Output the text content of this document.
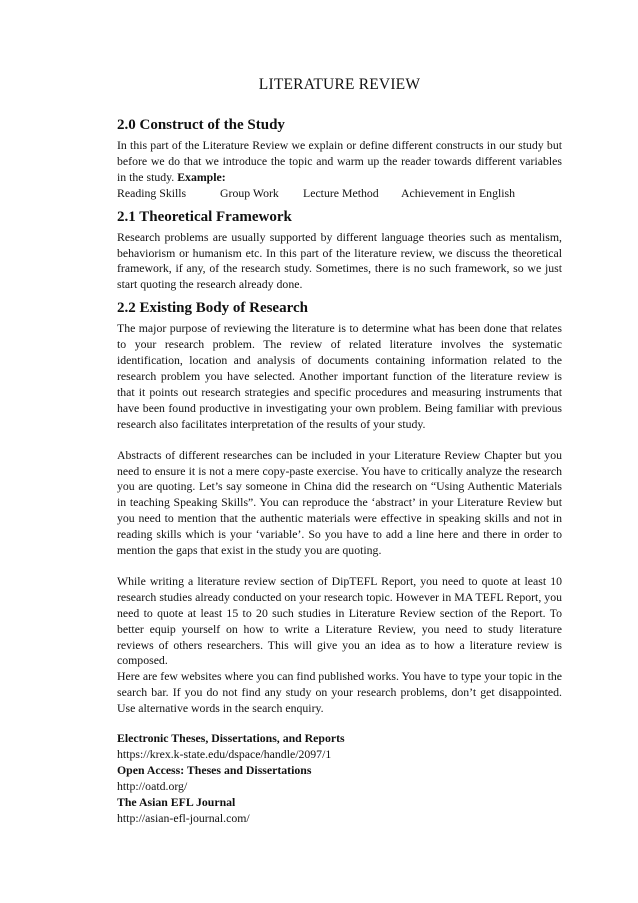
LITERATURE REVIEW
2.0 Construct of the Study

In this part of the Literature Review we explain or define different constructs in our study but before we do that we introduce the topic and warm up the reader towards different variables in the study. Example:

Reading Skills	Group Work	Lecture Method	Achievement in English
2.1 Theoretical Framework

Research problems are usually supported by different language theories such as mentalism, behaviorism or humanism etc. In this part of the literature review, we discuss the theoretical framework, if any, of the research study. Sometimes, there is no such framework, so we just start quoting the research already done.

2.2 Existing Body of Research

The major purpose of reviewing the literature is to determine what has been done that relates to your research problem. The review of related literature involves the systematic identification, location and analysis of documents containing information related to the research problem you have selected. Another important function of the literature review is that it points out research strategies and specific procedures and measuring instruments that have been found productive in investigating your own problem. Being familiar with previous research also facilitates interpretation of the results of your study.

Abstracts of different researches can be included in your Literature Review Chapter but you need to ensure it is not a mere copy-paste exercise. You have to critically analyze the research you are quoting. Let’s say someone in China did the research on “Using Authentic Materials in teaching Speaking Skills”. You can reproduce the ‘abstract’ in your Literature Review but you need to mention that the authentic materials were effective in speaking skills and not in reading skills which is your ‘variable’. So you have to add a line here and there in order to mention the gaps that exist in the study you are quoting.

While writing a literature review section of DipTEFL Report, you need to quote at least 10 research studies already conducted on your research topic. However in MA TEFL Report, you need to quote at least 15 to 20 such studies in Literature Review section of the Report. To better equip yourself on how to write a Literature Review, you need to study literature reviews of others researchers. This will give you an idea as to how a literature review is composed.

Here are few websites where you can find published works. You have to type your topic in the search bar. If you do not find any study on your research problems, don’t get disappointed. Use alternative words in the search enquiry.

Electronic Theses, Dissertations, and Reports
https://krex.k-state.edu/dspace/handle/2097/1
Open Access: Theses and Dissertations
http://oatd.org/
The Asian EFL Journal
http://asian-efl-journal.com/
